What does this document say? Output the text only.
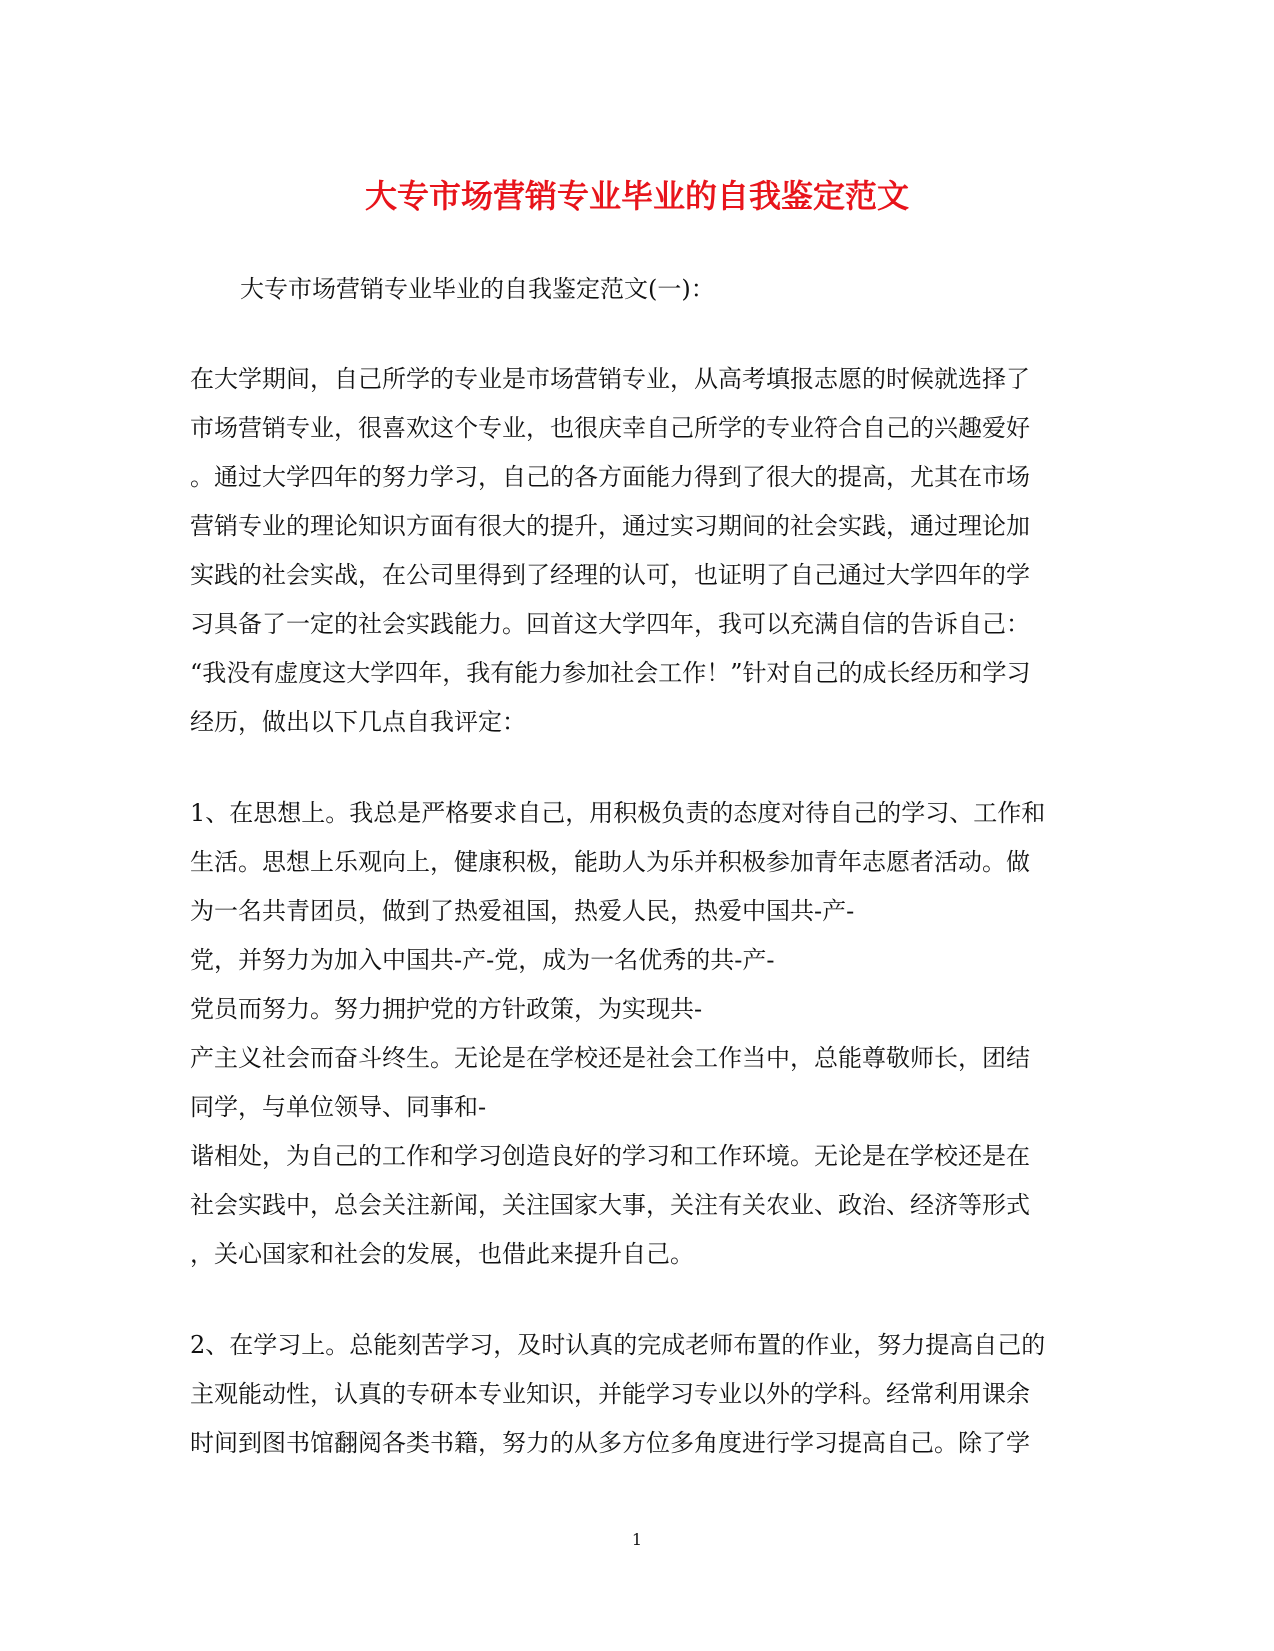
大专市场营销专业毕业的自我鉴定范文
大专市场营销专业毕业的自我鉴定范文(一)：
在大学期间，自己所学的专业是市场营销专业，从高考填报志愿的时候就选择了
市场营销专业，很喜欢这个专业，也很庆幸自己所学的专业符合自己的兴趣爱好
。通过大学四年的努力学习，自己的各方面能力得到了很大的提高，尤其在市场
营销专业的理论知识方面有很大的提升，通过实习期间的社会实践，通过理论加
实践的社会实战，在公司里得到了经理的认可，也证明了自己通过大学四年的学
习具备了一定的社会实践能力。回首这大学四年，我可以充满自信的告诉自己：
“我没有虚度这大学四年，我有能力参加社会工作！”针对自己的成长经历和学习
经历，做出以下几点自我评定：
1、在思想上。我总是严格要求自己，用积极负责的态度对待自己的学习、工作和
生活。思想上乐观向上，健康积极，能助人为乐并积极参加青年志愿者活动。做
为一名共青团员，做到了热爱祖国，热爱人民，热爱中国共-产-
党，并努力为加入中国共-产-党，成为一名优秀的共-产-
党员而努力。努力拥护党的方针政策，为实现共-
产主义社会而奋斗终生。无论是在学校还是社会工作当中，总能尊敬师长，团结
同学，与单位领导、同事和-
谐相处，为自己的工作和学习创造良好的学习和工作环境。无论是在学校还是在
社会实践中，总会关注新闻，关注国家大事，关注有关农业、政治、经济等形式
，关心国家和社会的发展，也借此来提升自己。
2、在学习上。总能刻苦学习，及时认真的完成老师布置的作业，努力提高自己的
主观能动性，认真的专研本专业知识，并能学习专业以外的学科。经常利用课余
时间到图书馆翻阅各类书籍，努力的从多方位多角度进行学习提高自己。除了学
1
